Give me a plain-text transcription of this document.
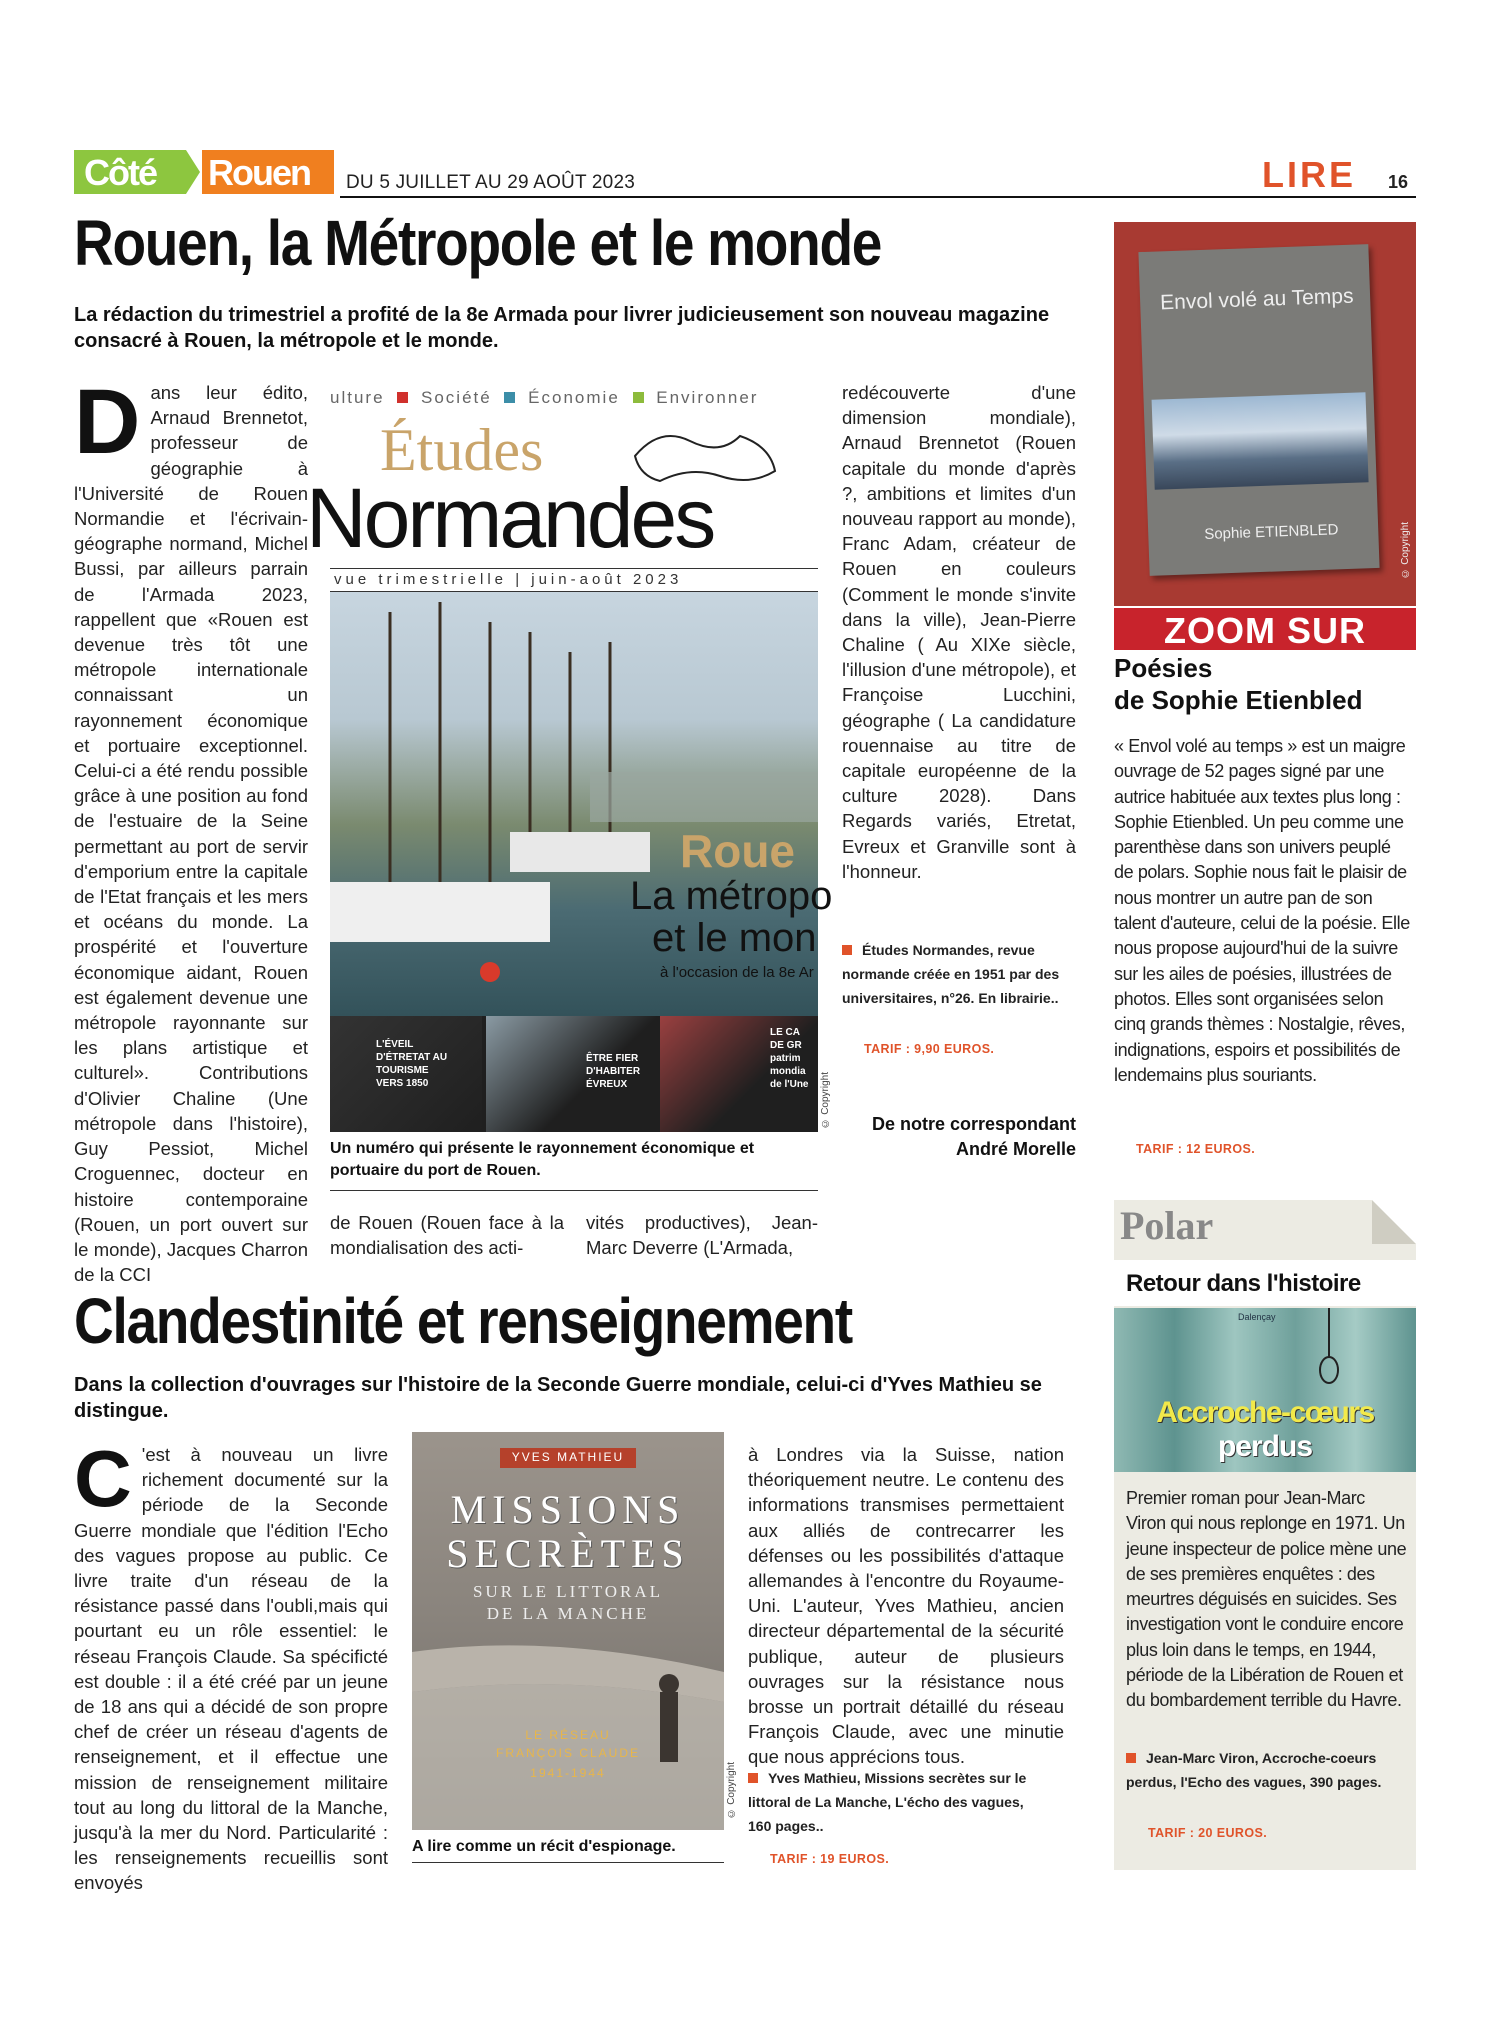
Côté Rouen DU 5 JUILLET AU 29 AOÛT 2023	LIRE 16
Rouen, la Métropole et le monde
La rédaction du trimestriel a profité de la 8e Armada pour livrer judicieusement son nouveau magazine consacré à Rouen, la métropole et le monde.
D ans leur édito, Arnaud Brennetot, professeur de géographie à l'Université de Rouen Normandie et l'écrivain-géographe normand, Michel Bussi, par ailleurs parrain de l'Armada 2023, rappellent que «Rouen est devenue très tôt une métropole internationale connaissant un rayonnement économique et portuaire exceptionnel. Celui-ci a été rendu possible grâce à une position au fond de l'estuaire de la Seine permettant au port de servir d'emporium entre la capitale de l'Etat français et les mers et océans du monde. La prospérité et l'ouverture économique aidant, Rouen est également devenue une métropole rayonnante sur les plans artistique et culturel». Contributions d'Olivier Chaline (Une métropole dans l'histoire), Guy Pessiot, Michel Croguennec, docteur en histoire contemporaine (Rouen, un port ouvert sur le monde), Jacques Charron de la CCI
ulture Société Économie Environner
Études
Normandes
vue trimestrielle | juin-août 2023
Roue
La métropo
et le mon
à l'occasion de la 8e Ar
L'ÉVEIL D'ÉTRETAT AU TOURISME VERS 1850
ÊTRE FIER D'HABITER ÉVREUX
LE CA DE GR patrim mondia de l'Une	© Copyright
Un numéro qui présente le rayonnement économique et portuaire du port de Rouen.
de Rouen (Rouen face à la mondialisation des acti-
vités productives), Jean-Marc Deverre (L'Armada,
redécouverte d'une dimension mondiale), Arnaud Brennetot (Rouen capitale du monde d'après ?, ambitions et limites d'un nouveau rapport au monde), Franc Adam, créateur de Rouen en couleurs (Comment le monde s'invite dans la ville), Jean-Pierre Chaline ( Au XIXe siècle, l'illusion d'une métropole), et Françoise Lucchini, géographe ( La candidature rouennaise au titre de capitale européenne de la culture 2028). Dans Regards variés, Etretat, Evreux et Granville sont à l'honneur.
Études Normandes, revue normande créée en 1951 par des universitaires, n°26. En librairie..
TARIF : 9,90 EUROS.
De notre correspondant
André Morelle
Envol volé au Temps
Sophie ETIENBLED	© Copyright
ZOOM SUR
Poésies
de Sophie Etienbled
« Envol volé au temps » est un maigre ouvrage de 52 pages signé par une autrice habituée aux textes plus long : Sophie Etienbled. Un peu comme une parenthèse dans son univers peuplé de polars. Sophie nous fait le plaisir de nous montrer un autre pan de son talent d'auteure, celui de la poésie. Elle nous propose aujourd'hui de la suivre sur les ailes de poésies, illustrées de photos. Elles sont organisées selon cinq grands thèmes : Nostalgie, rêves, indignations, espoirs et possibilités de lendemains plus souriants.
TARIF : 12 EUROS.
Polar
Retour dans l'histoire
Dalençay
Accroche-cœurs
perdus
Premier roman pour Jean-Marc Viron qui nous replonge en 1971. Un jeune inspecteur de police mène une de ses premières enquêtes : des meurtres déguisés en suicides. Ses investigation vont le conduire encore plus loin dans le temps, en 1944, période de la Libération de Rouen et du bombardement terrible du Havre.
Jean-Marc Viron, Accroche-coeurs perdus, l'Echo des vagues, 390 pages.
TARIF : 20 EUROS.
Clandestinité et renseignement
Dans la collection d'ouvrages sur l'histoire de la Seconde Guerre mondiale, celui-ci d'Yves Mathieu se distingue.
C 'est à nouveau un livre richement documenté sur la période de la Seconde Guerre mondiale que l'édition l'Echo des vagues propose au public. Ce livre traite d'un réseau de la résistance passé dans l'oubli,mais qui pourtant eu un rôle essentiel: le réseau François Claude. Sa spécificté est double : il a été créé par un jeune de 18 ans qui a décidé de son propre chef de créer un réseau d'agents de renseignement, et il effectue une mission de renseignement militaire tout au long du littoral de la Manche, jusqu'à la mer du Nord. Particularité : les renseignements recueillis sont envoyés
YVES MATHIEU
MISSIONS
SECRÈTES
SUR LE LITTORAL
DE LA MANCHE
LE RÉSEAU
FRANÇOIS CLAUDE
1941-1944	© Copyright
A lire comme un récit d'espionage.
à Londres via la Suisse, nation théoriquement neutre. Le contenu des informations transmises permettaient aux alliés de contrecarrer les défenses ou les possibilités d'attaque allemandes à l'encontre du Royaume-Uni. L'auteur, Yves Mathieu, ancien directeur départemental de la sécurité publique, auteur de plusieurs ouvrages sur la résistance nous brosse un portrait détaillé du réseau François Claude, avec une minutie que nous apprécions tous.
Yves Mathieu, Missions secrètes sur le littoral de La Manche, L'écho des vagues, 160 pages..
TARIF : 19 EUROS.
